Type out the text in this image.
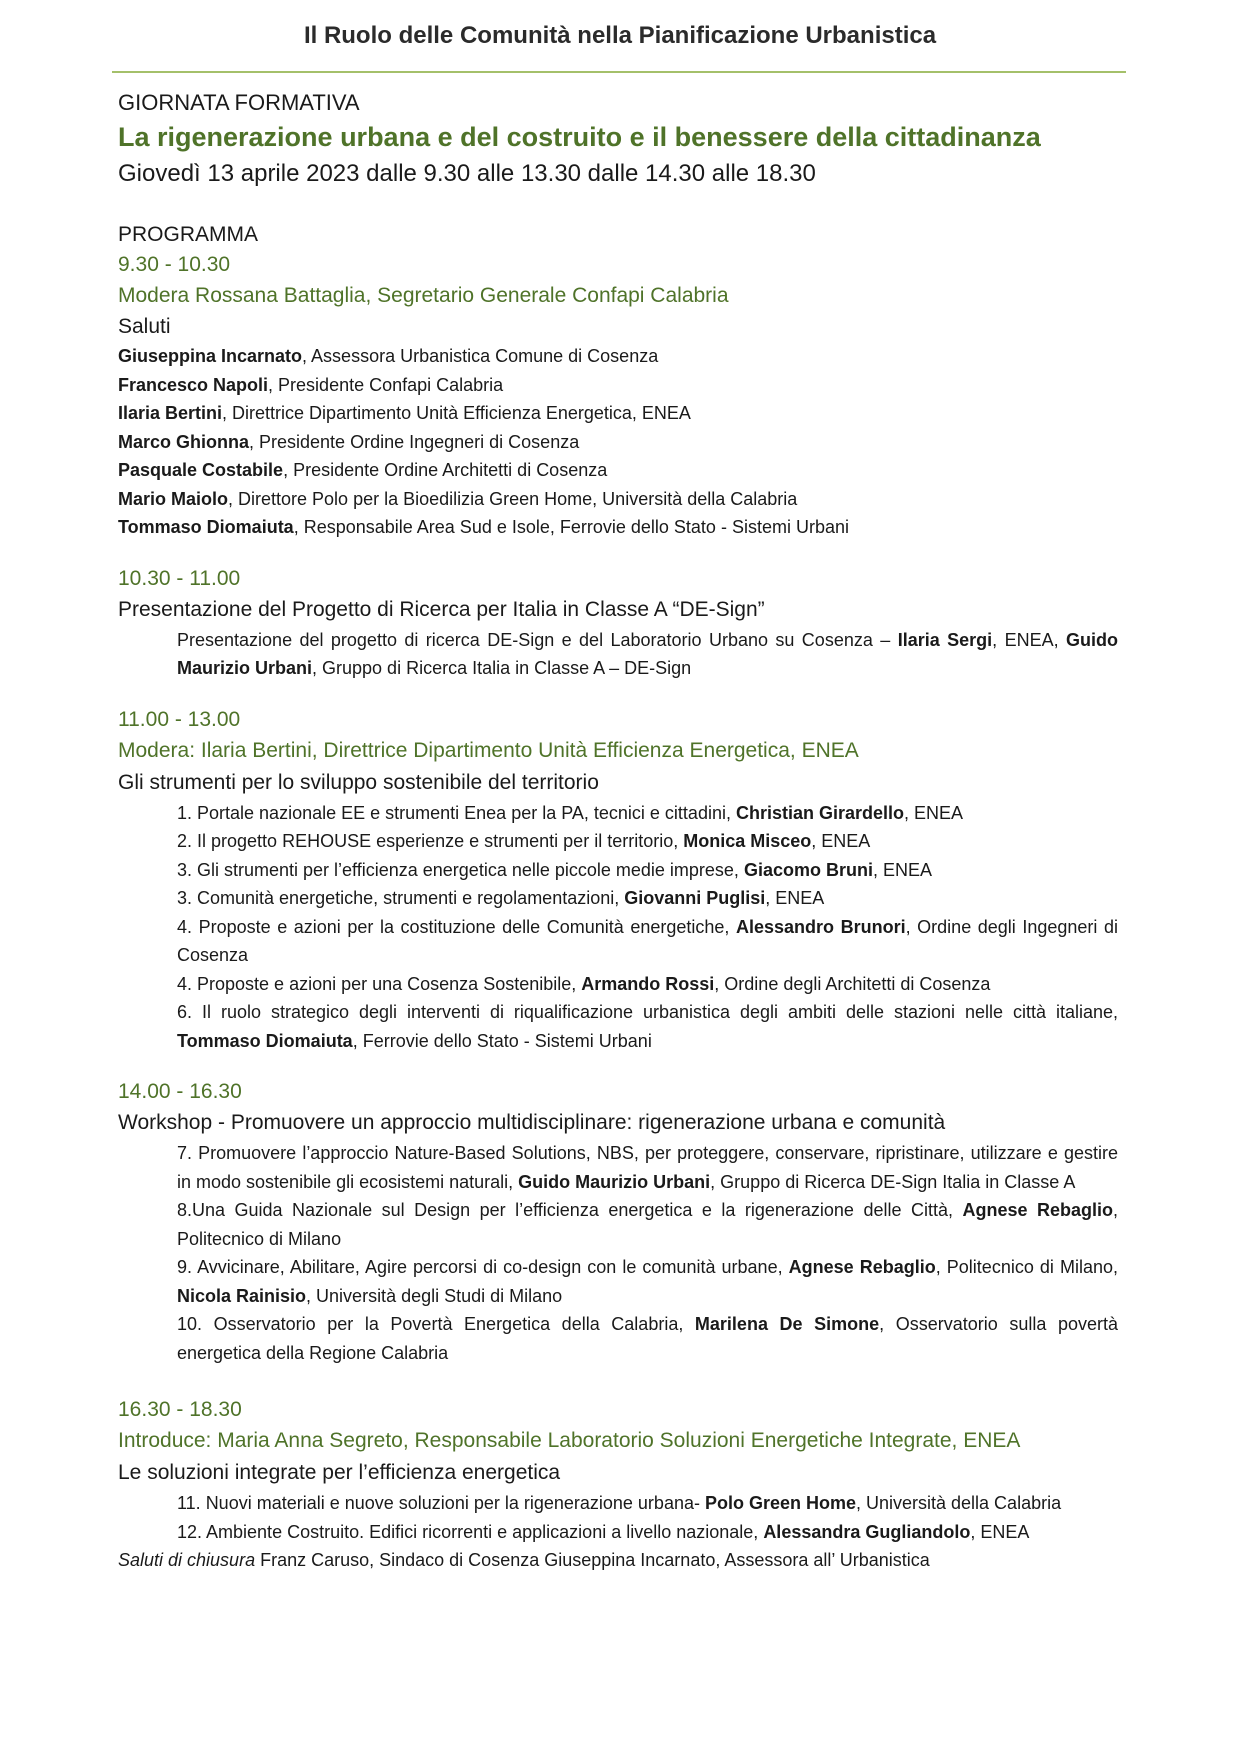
Il Ruolo delle Comunità nella Pianificazione Urbanistica

GIORNATA FORMATIVA

La rigenerazione urbana e del costruito e il benessere della cittadinanza

Giovedì 13 aprile 2023 dalle 9.30 alle 13.30 dalle 14.30 alle 18.30

PROGRAMMA

9.30 - 10.30

Modera Rossana Battaglia, Segretario Generale Confapi Calabria

Saluti

Giuseppina Incarnato, Assessora Urbanistica Comune di Cosenza

Francesco Napoli, Presidente Confapi Calabria

Ilaria Bertini, Direttrice Dipartimento Unità Efficienza Energetica, ENEA

Marco Ghionna, Presidente Ordine Ingegneri di Cosenza

Pasquale Costabile, Presidente Ordine Architetti di Cosenza

Mario Maiolo, Direttore Polo per la Bioedilizia Green Home, Università della Calabria

Tommaso Diomaiuta, Responsabile Area Sud e Isole, Ferrovie dello Stato - Sistemi Urbani

10.30 - 11.00

Presentazione del Progetto di Ricerca per Italia in Classe A “DE-Sign”

Presentazione del progetto di ricerca DE-Sign e del Laboratorio Urbano su Cosenza – Ilaria Sergi, ENEA, Guido Maurizio Urbani, Gruppo di Ricerca Italia in Classe A – DE-Sign

11.00 - 13.00

Modera: Ilaria Bertini, Direttrice Dipartimento Unità Efficienza Energetica, ENEA

Gli strumenti per lo sviluppo sostenibile del territorio

1. Portale nazionale EE e strumenti Enea per la PA, tecnici e cittadini, Christian Girardello, ENEA

2. Il progetto REHOUSE esperienze e strumenti per il territorio, Monica Misceo, ENEA

3. Gli strumenti per l’efficienza energetica nelle piccole medie imprese, Giacomo Bruni, ENEA

3. Comunità energetiche, strumenti e regolamentazioni, Giovanni Puglisi, ENEA

4. Proposte e azioni per la costituzione delle Comunità energetiche, Alessandro Brunori, Ordine degli Ingegneri di Cosenza

4. Proposte e azioni per una Cosenza Sostenibile, Armando Rossi, Ordine degli Architetti di Cosenza

6. Il ruolo strategico degli interventi di riqualificazione urbanistica degli ambiti delle stazioni nelle città italiane, Tommaso Diomaiuta, Ferrovie dello Stato - Sistemi Urbani

14.00 - 16.30

Workshop - Promuovere un approccio multidisciplinare: rigenerazione urbana e comunità

7. Promuovere l’approccio Nature-Based Solutions, NBS, per proteggere, conservare, ripristinare, utilizzare e gestire in modo sostenibile gli ecosistemi naturali, Guido Maurizio Urbani, Gruppo di Ricerca DE-Sign Italia in Classe A

8.Una Guida Nazionale sul Design per l’efficienza energetica e la rigenerazione delle Città, Agnese Rebaglio, Politecnico di Milano

9. Avvicinare, Abilitare, Agire percorsi di co-design con le comunità urbane, Agnese Rebaglio, Politecnico di Milano, Nicola Rainisio, Università degli Studi di Milano

10. Osservatorio per la Povertà Energetica della Calabria, Marilena De Simone, Osservatorio sulla povertà energetica della Regione Calabria

16.30 - 18.30

Introduce: Maria Anna Segreto, Responsabile Laboratorio Soluzioni Energetiche Integrate, ENEA

Le soluzioni integrate per l’efficienza energetica

11. Nuovi materiali e nuove soluzioni per la rigenerazione urbana- Polo Green Home, Università della Calabria

12. Ambiente Costruito. Edifici ricorrenti e applicazioni a livello nazionale, Alessandra Gugliandolo, ENEA

Saluti di chiusura Franz Caruso, Sindaco di Cosenza Giuseppina Incarnato, Assessora all’ Urbanistica
